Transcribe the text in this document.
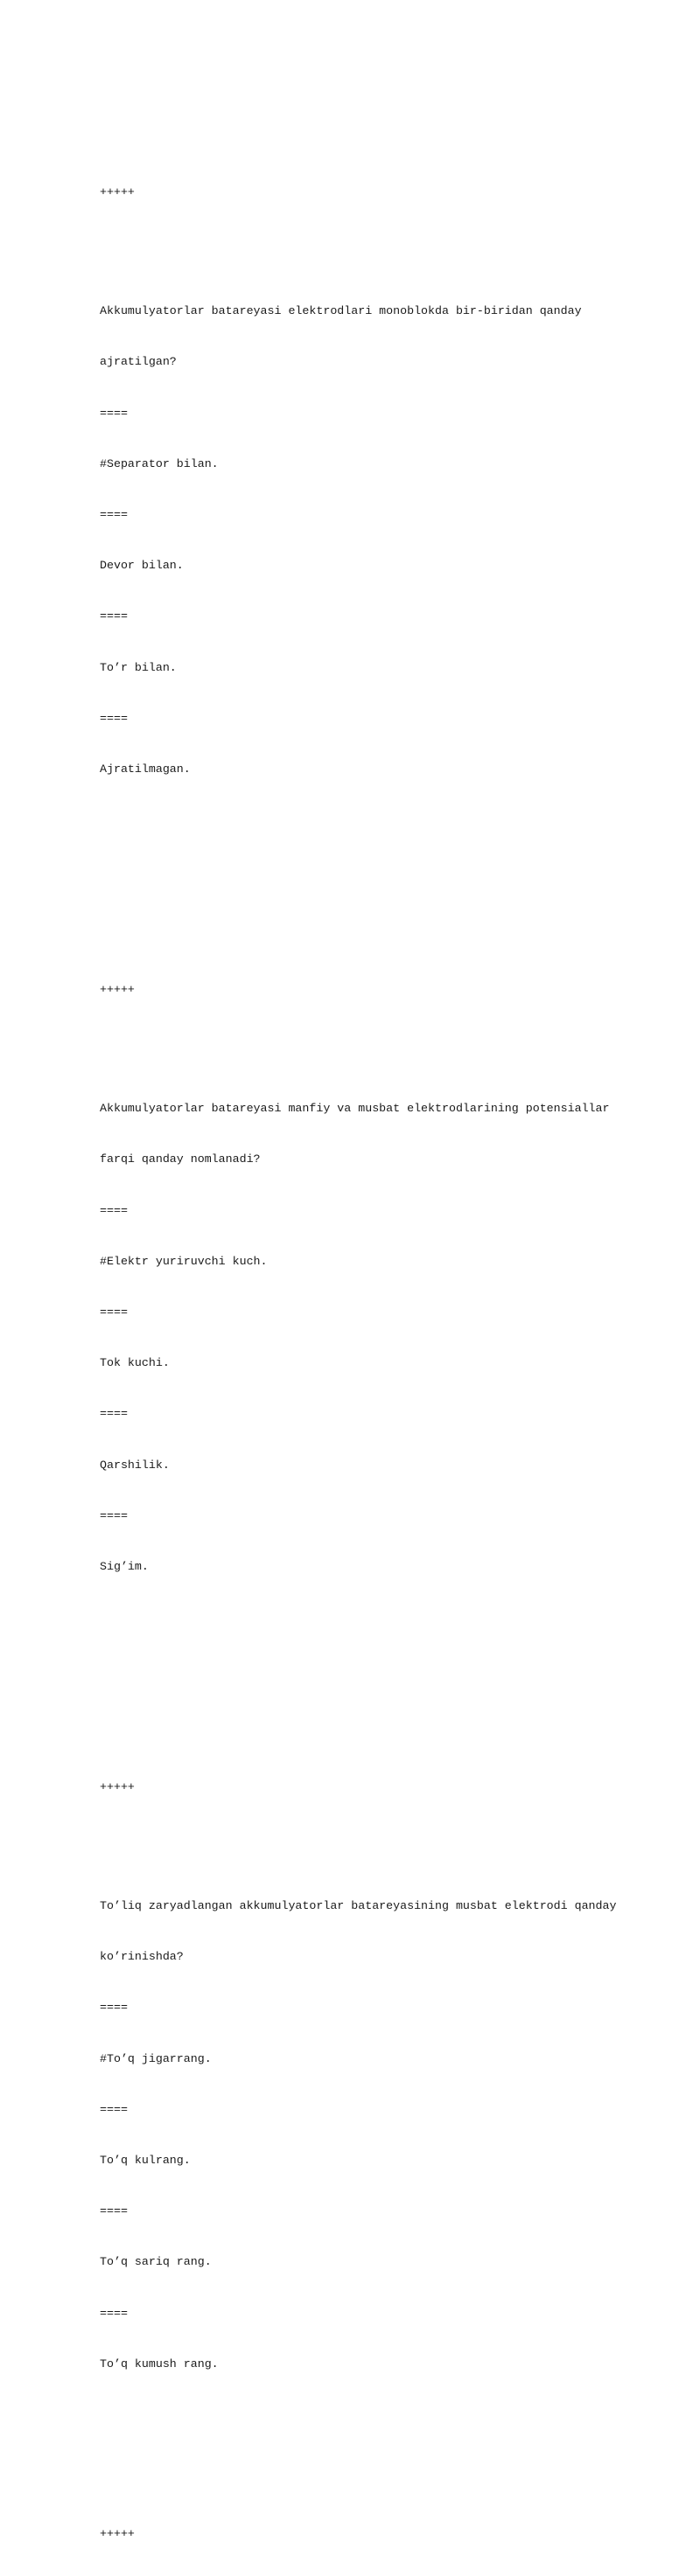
+++++

Akkumulyatorlar batareyasi elektrodlari monoblokda bir-biridan qanday

ajratilgan?

====

#Separator bilan.

====

Devor bilan.

====

To’r bilan.

====

Ajratilmagan.

+++++

Akkumulyatorlar batareyasi manfiy va musbat elektrodlarining potensiallar

farqi qanday nomlanadi?

====

#Elektr yuriruvchi kuch.

====

Tok kuchi.

====

Qarshilik.

====

Sig’im.

+++++

To’liq zaryadlangan akkumulyatorlar batareyasining musbat elektrodi qanday

ko’rinishda?

====

#To’q jigarrang.

====

To’q kulrang.

====

To’q sariq rang.

====

To’q kumush rang.

+++++
